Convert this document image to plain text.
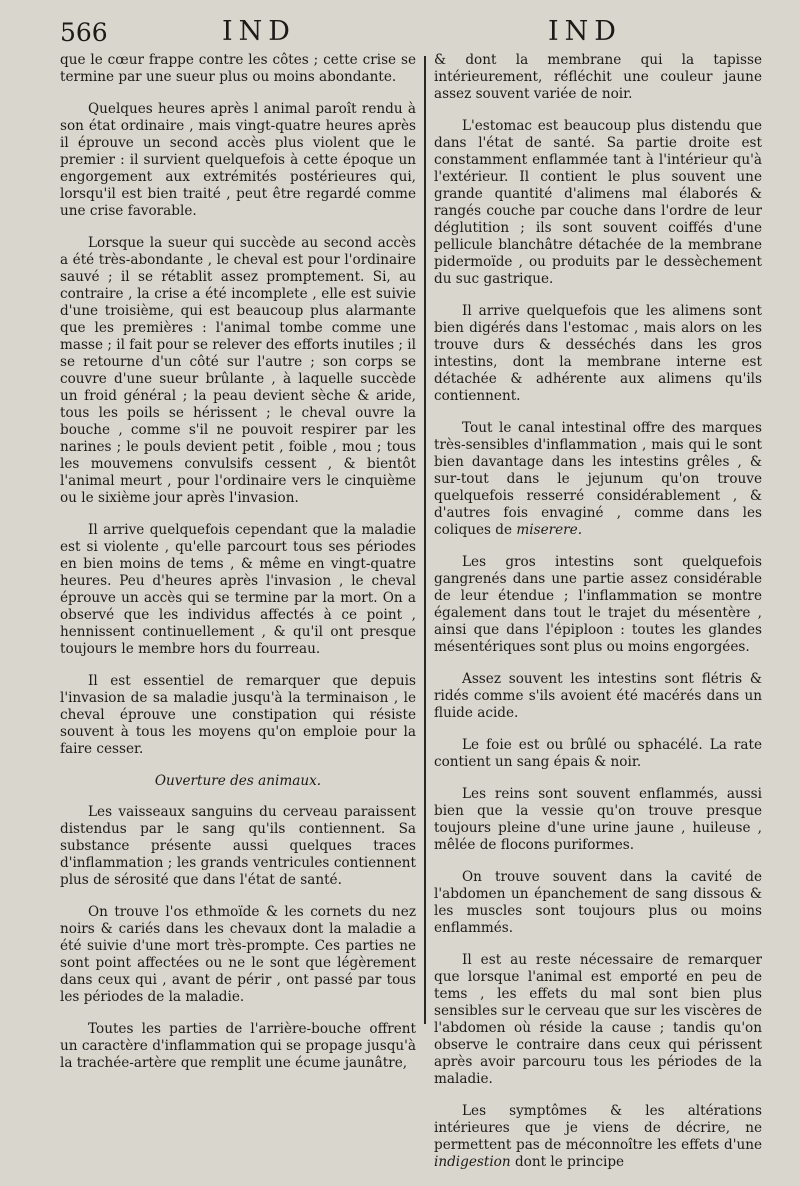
566	IND	IND

que le cœur frappe contre les côtes ; cette crise se termine par une sueur plus ou moins abondante.

Quelques heures après l animal paroît rendu à son état ordinaire , mais vingt-quatre heures après il éprouve un second accès plus violent que le premier : il survient quelquefois à cette époque un engorgement aux extrémités postérieures qui, lorsqu'il est bien traité , peut être regardé comme une crise favorable.

Lorsque la sueur qui succède au second accès a été très-abondante , le cheval est pour l'ordinaire sauvé ; il se rétablit assez promptement. Si, au contraire , la crise a été incomplete , elle est suivie d'une troisième, qui est beaucoup plus alarmante que les premières : l'animal tombe comme une masse ; il fait pour se relever des efforts inutiles ; il se retourne d'un côté sur l'autre ; son corps se couvre d'une sueur brûlante , à laquelle succède un froid général ; la peau devient sèche & aride, tous les poils se hérissent ; le cheval ouvre la bouche , comme s'il ne pouvoit respirer par les narines ; le pouls devient petit , foible , mou ; tous les mouvemens convulsifs cessent , & bientôt l'animal meurt , pour l'ordinaire vers le cinquième ou le sixième jour après l'invasion.

Il arrive quelquefois cependant que la maladie est si violente , qu'elle parcourt tous ses périodes en bien moins de tems , & même en vingt-quatre heures. Peu d'heures après l'invasion , le cheval éprouve un accès qui se termine par la mort. On a observé que les individus affectés à ce point , hennissent continuellement , & qu'il ont presque toujours le membre hors du fourreau.

Il est essentiel de remarquer que depuis l'invasion de sa maladie jusqu'à la terminaison , le cheval éprouve une constipation qui résiste souvent à tous les moyens qu'on emploie pour la faire cesser.

Ouverture des animaux.

Les vaisseaux sanguins du cerveau paraissent distendus par le sang qu'ils contiennent. Sa substance présente aussi quelques traces d'inflammation ; les grands ventricules contiennent plus de sérosité que dans l'état de santé.

On trouve l'os ethmoïde & les cornets du nez noirs & cariés dans les chevaux dont la maladie a été suivie d'une mort très-prompte. Ces parties ne sont point affectées ou ne le sont que légèrement dans ceux qui , avant de périr , ont passé par tous les périodes de la maladie.

Toutes les parties de l'arrière-bouche offrent un caractère d'inflammation qui se propage jusqu'à la trachée-artère que remplit une écume jaunâtre,

& dont la membrane qui la tapisse intérieurement, réfléchit une couleur jaune assez souvent variée de noir.

L'estomac est beaucoup plus distendu que dans l'état de santé. Sa partie droite est constamment enflammée tant à l'intérieur qu'à l'extérieur. Il contient le plus souvent une grande quantité d'alimens mal élaborés & rangés couche par couche dans l'ordre de leur déglutition ; ils sont souvent coiffés d'une pellicule blanchâtre détachée de la membrane pidermoïde , ou produits par le dessèchement du suc gastrique.

Il arrive quelquefois que les alimens sont bien digérés dans l'estomac , mais alors on les trouve durs & desséchés dans les gros intestins, dont la membrane interne est détachée & adhérente aux alimens qu'ils contiennent.

Tout le canal intestinal offre des marques très-sensibles d'inflammation , mais qui le sont bien davantage dans les intestins grêles , & sur-tout dans le jejunum qu'on trouve quelquefois resserré considérablement , & d'autres fois envaginé , comme dans les coliques de miserere.

Les gros intestins sont quelquefois gangrenés dans une partie assez considérable de leur étendue ; l'inflammation se montre également dans tout le trajet du mésentère , ainsi que dans l'épiploon : toutes les glandes mésentériques sont plus ou moins engorgées.

Assez souvent les intestins sont flétris & ridés comme s'ils avoient été macérés dans un fluide acide.

Le foie est ou brûlé ou sphacélé. La rate contient un sang épais & noir.

Les reins sont souvent enflammés, aussi bien que la vessie qu'on trouve presque toujours pleine d'une urine jaune , huileuse , mêlée de flocons puriformes.

On trouve souvent dans la cavité de l'abdomen un épanchement de sang dissous & les muscles sont toujours plus ou moins enflammés.

Il est au reste nécessaire de remarquer que lorsque l'animal est emporté en peu de tems , les effets du mal sont bien plus sensibles sur le cerveau que sur les viscères de l'abdomen où réside la cause ; tandis qu'on observe le contraire dans ceux qui périssent après avoir parcouru tous les périodes de la maladie.

Les symptômes & les altérations intérieures que je viens de décrire, ne permettent pas de méconnoître les effets d'une indigestion dont le principe
